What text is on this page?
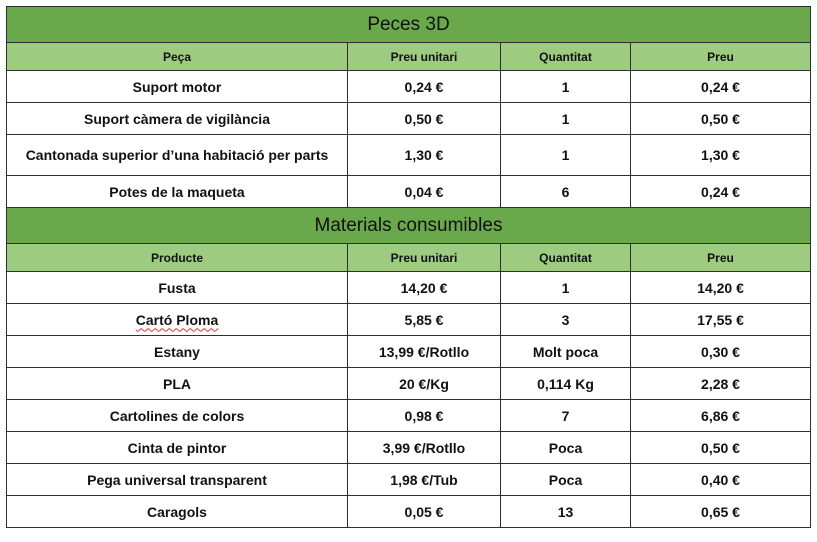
Peces 3D			
Peça	Preu unitari	Quantitat	Preu
Suport motor	0,24 €	1	0,24 €
Suport càmera de vigilància	0,50 €	1	0,50 €
Cantonada superior d’una habitació per parts	1,30 €	1	1,30 €
Potes de la maqueta	0,04 €	6	0,24 €
Materials consumibles			
Producte	Preu unitari	Quantitat	Preu
Fusta	14,20 €	1	14,20 €
Cartó Ploma	5,85 €	3	17,55 €
Estany	13,99 €/Rotllo	Molt poca	0,30 €
PLA	20 €/Kg	0,114 Kg	2,28 €
Cartolines de colors	0,98 €	7	6,86 €
Cinta de pintor	3,99 €/Rotllo	Poca	0,50 €
Pega universal transparent	1,98 €/Tub	Poca	0,40 €
Caragols	0,05 €	13	0,65 €
